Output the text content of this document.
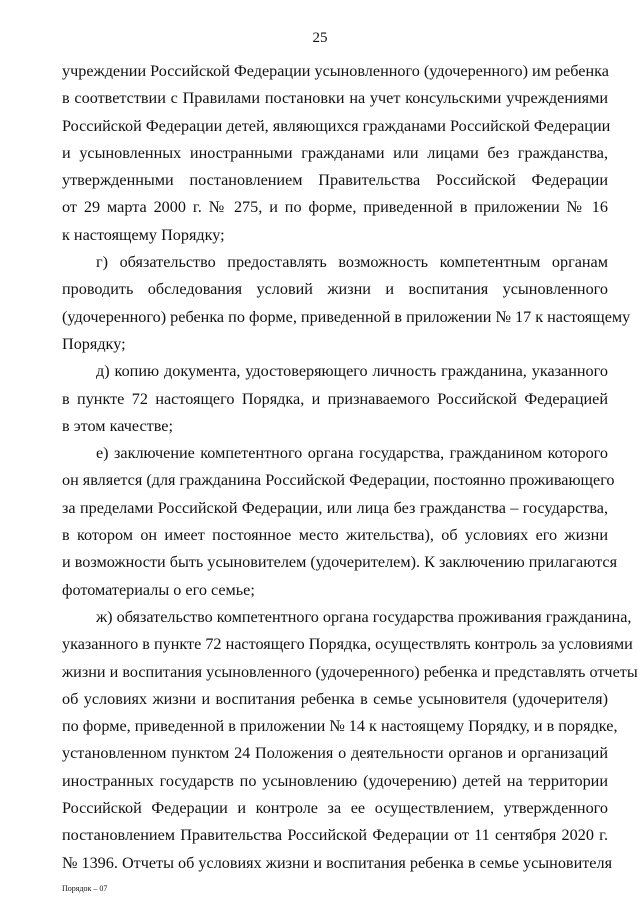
25
учреждении Российской Федерации усыновленного (удочеренного) им ребенка
в соответствии с Правилами постановки на учет консульскими учреждениями
Российской Федерации детей, являющихся гражданами Российской Федерации
и усыновленных иностранными гражданами или лицами без гражданства,
утвержденными постановлением Правительства Российской Федерации
от 29 марта 2000 г. № 275, и по форме, приведенной в приложении № 16
к настоящему Порядку;
г) обязательство предоставлять возможность компетентным органам
проводить обследования условий жизни и воспитания усыновленного
(удочеренного) ребенка по форме, приведенной в приложении № 17 к настоящему
Порядку;
д) копию документа, удостоверяющего личность гражданина, указанного
в пункте 72 настоящего Порядка, и признаваемого Российской Федерацией
в этом качестве;
е) заключение компетентного органа государства, гражданином которого
он является (для гражданина Российской Федерации, постоянно проживающего
за пределами Российской Федерации, или лица без гражданства – государства,
в котором он имеет постоянное место жительства), об условиях его жизни
и возможности быть усыновителем (удочерителем). К заключению прилагаются
фотоматериалы о его семье;
ж) обязательство компетентного органа государства проживания гражданина,
указанного в пункте 72 настоящего Порядка, осуществлять контроль за условиями
жизни и воспитания усыновленного (удочеренного) ребенка и представлять отчеты
об условиях жизни и воспитания ребенка в семье усыновителя (удочерителя)
по форме, приведенной в приложении № 14 к настоящему Порядку, и в порядке,
установленном пунктом 24 Положения о деятельности органов и организаций
иностранных государств по усыновлению (удочерению) детей на территории
Российской Федерации и контроле за ее осуществлением, утвержденного
постановлением Правительства Российской Федерации от 11 сентября 2020 г.
№ 1396. Отчеты об условиях жизни и воспитания ребенка в семье усыновителя
Порядок – 07
